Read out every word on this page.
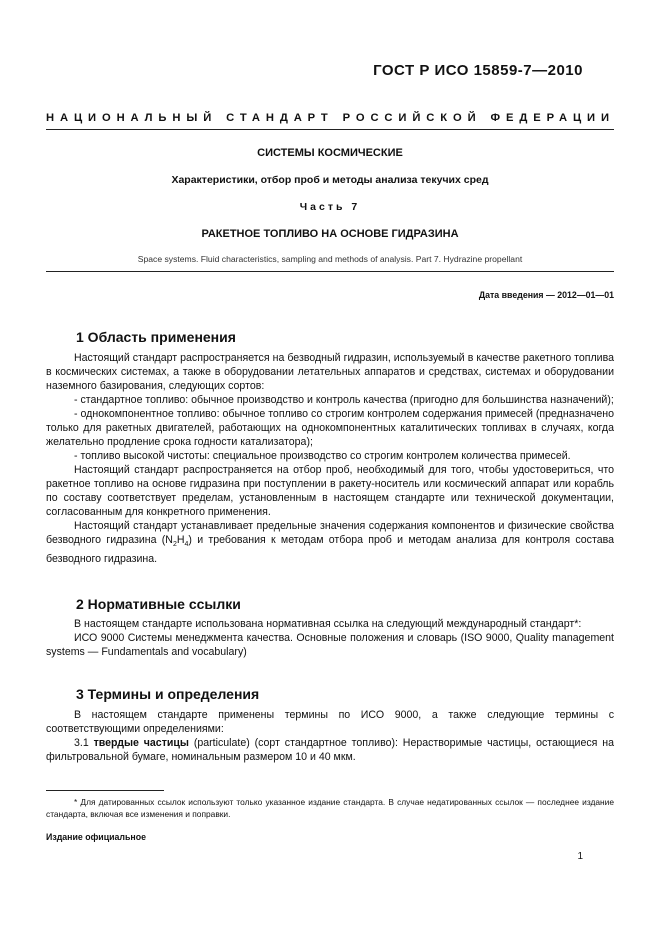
ГОСТ Р ИСО 15859-7—2010
НАЦИОНАЛЬНЫЙ СТАНДАРТ РОССИЙСКОЙ ФЕДЕРАЦИИ
СИСТЕМЫ КОСМИЧЕСКИЕ
Характеристики, отбор проб и методы анализа текучих сред
Часть 7
РАКЕТНОЕ ТОПЛИВО НА ОСНОВЕ ГИДРАЗИНА
Space systems. Fluid characteristics, sampling and methods of analysis. Part 7. Hydrazine propellant
Дата введения — 2012—01—01
1 Область применения

Настоящий стандарт распространяется на безводный гидразин, используемый в качестве ракетного топлива в космических системах, а также в оборудовании летательных аппаратов и средствах, системах и оборудовании наземного базирования, следующих сортов:

- стандартное топливо: обычное производство и контроль качества (пригодно для большинства назначений);

- однокомпонентное топливо: обычное топливо со строгим контролем содержания примесей (предназначено только для ракетных двигателей, работающих на однокомпонентных каталитических топливах в случаях, когда желательно продление срока годности катализатора);

- топливо высокой чистоты: специальное производство со строгим контролем количества примесей.

Настоящий стандарт распространяется на отбор проб, необходимый для того, чтобы удостовериться, что ракетное топливо на основе гидразина при поступлении в ракету-носитель или космический аппарат или корабль по составу соответствует пределам, установленным в настоящем стандарте или технической документации, согласованным для конкретного применения.

Настоящий стандарт устанавливает предельные значения содержания компонентов и физические свойства безводного гидразина $(N_2H_4)$ и требования к методам отбора проб и методам анализа для контроля состава безводного гидразина.

2 Нормативные ссылки

В настоящем стандарте использована нормативная ссылка на следующий международный стандарт*:

ИСО 9000 Системы менеджмента качества. Основные положения и словарь (ISO 9000, Quality management systems — Fundamentals and vocabulary)

3 Термины и определения

В настоящем стандарте применены термины по ИСО 9000, а также следующие термины с соответствующими определениями:

3.1 твердые частицы (particulate) (сорт стандартное топливо): Нерастворимые частицы, остающиеся на фильтровальной бумаге, номинальным размером 10 и 40 мкм.

* Для датированных ссылок используют только указанное издание стандарта. В случае недатированных ссылок — последнее издание стандарта, включая все изменения и поправки.

Издание официальное
1
